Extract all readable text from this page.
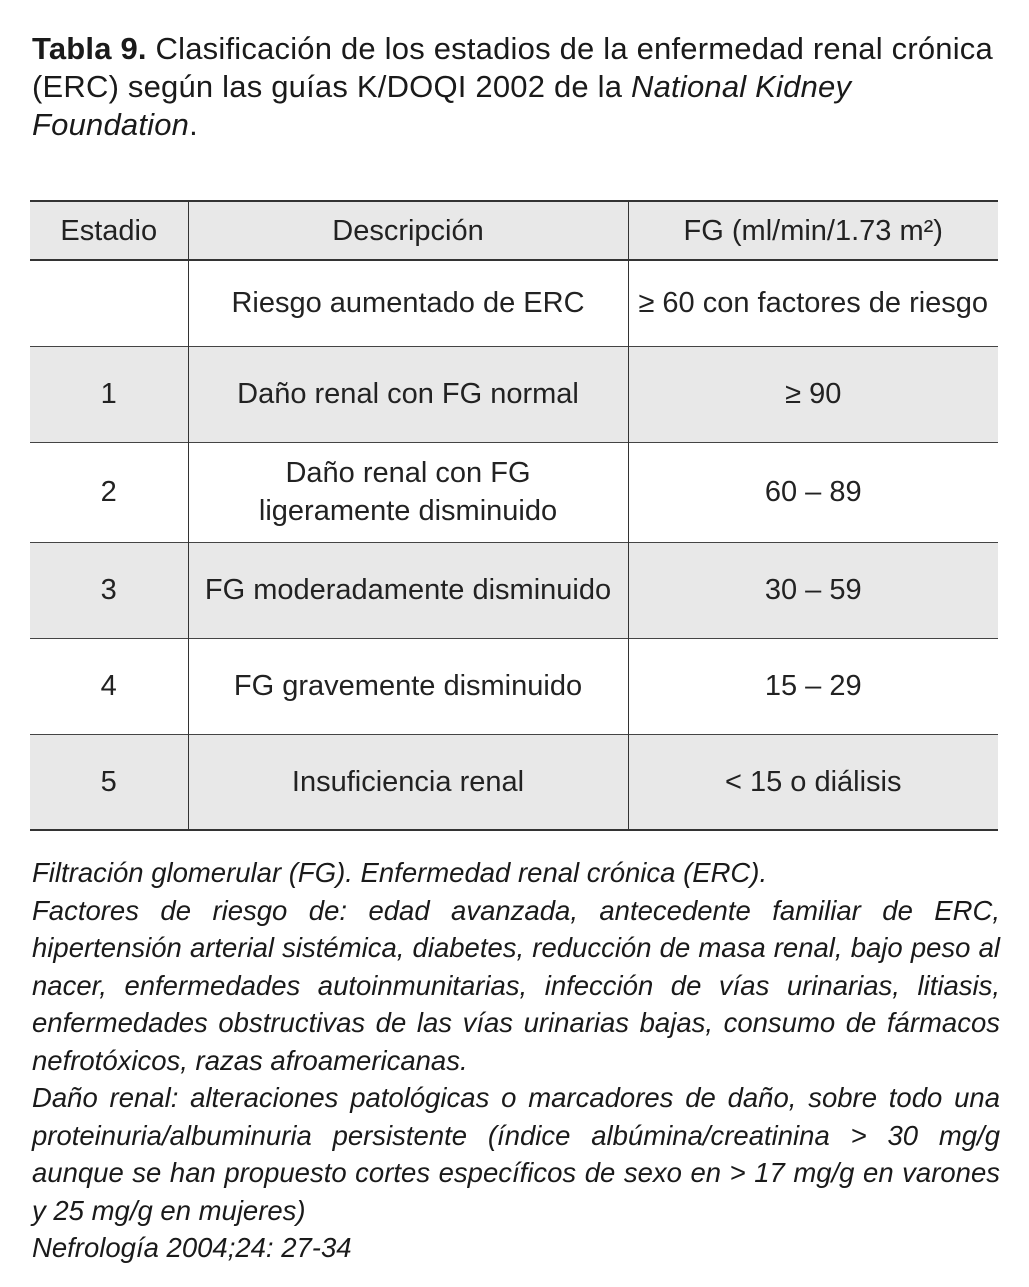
Tabla 9. Clasificación de los estadios de la enfermedad renal crónica (ERC) según las guías K/DOQI 2002 de la National Kidney Foundation.
Estadio	Descripción	FG (ml/min/1.73 m²)
	Riesgo aumentado de ERC	≥ 60 con factores de riesgo
1	Daño renal con FG normal	≥ 90
2	Daño renal con FG ligeramente disminuido	60 – 89
3	FG moderadamente disminuido	30 – 59
4	FG gravemente disminuido	15 – 29
5	Insuficiencia renal	< 15 o diálisis

Filtración glomerular (FG). Enfermedad renal crónica (ERC).

Factores de riesgo de: edad avanzada, antecedente familiar de ERC, hipertensión arterial sistémica, diabetes, reducción de masa renal, bajo peso al nacer, enfermedades autoinmunitarias, infección de vías urinarias, litiasis, enfermedades obstructivas de las vías urinarias bajas, consumo de fármacos nefrotóxicos, razas afroamericanas.

Daño renal: alteraciones patológicas o marcadores de daño, sobre todo una proteinuria/albuminuria persistente (índice albúmina/creatinina > 30 mg/g aunque se han propuesto cortes específicos de sexo en > 17 mg/g en varones y 25 mg/g en mujeres)

Nefrología 2004;24: 27-34
